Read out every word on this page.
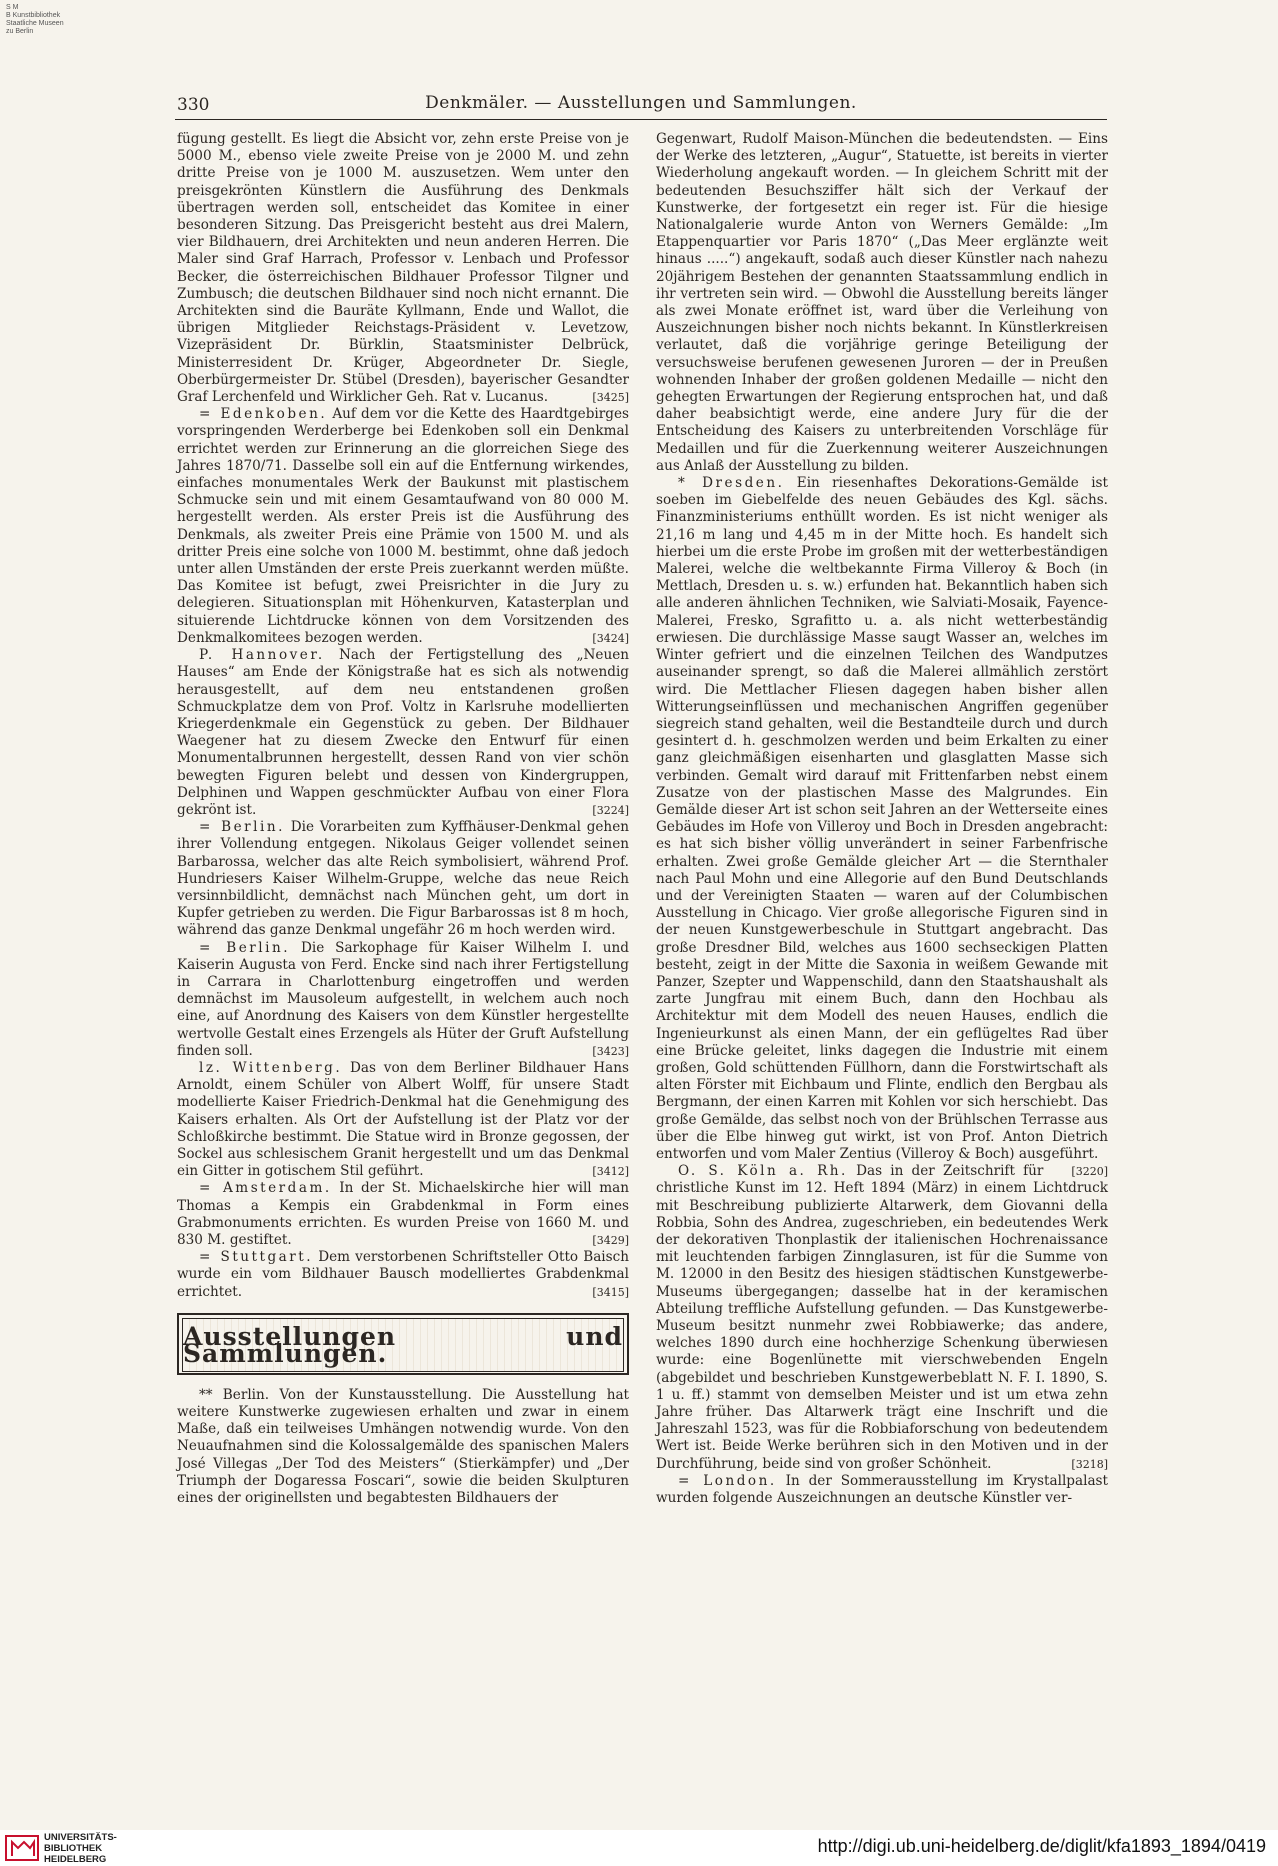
S M
B Kunstbibliothek
Staatliche Museen
zu Berlin
330	Denkmäler. — Ausstellungen und Sammlungen.

fügung gestellt. Es liegt die Absicht vor, zehn erste Preise von je 5000 M., ebenso viele zweite Preise von je 2000 M. und zehn dritte Preise von je 1000 M. auszusetzen. Wem unter den preisgekrönten Künstlern die Ausführung des Denkmals übertragen werden soll, entscheidet das Komitee in einer besonderen Sitzung. Das Preisgericht besteht aus drei Malern, vier Bildhauern, drei Architekten und neun anderen Herren. Die Maler sind Graf Harrach, Professor v. Lenbach und Professor Becker, die österreichischen Bildhauer Professor Tilgner und Zumbusch; die deutschen Bildhauer sind noch nicht ernannt. Die Architekten sind die Bauräte Kyllmann, Ende und Wallot, die übrigen Mitglieder Reichstags-Präsident v. Levetzow, Vizepräsident Dr. Bürklin, Staatsminister Delbrück, Ministerresident Dr. Krüger, Abgeordneter Dr. Siegle, Oberbürgermeister Dr. Stübel (Dresden), bayerischer Gesandter Graf Lerchenfeld und Wirklicher Geh. Rat v. Lucanus.	[3425]

= Edenkoben. Auf dem vor die Kette des Haardtgebirges vorspringenden Werderberge bei Edenkoben soll ein Denkmal errichtet werden zur Erinnerung an die glorreichen Siege des Jahres 1870/71. Dasselbe soll ein auf die Entfernung wirkendes, einfaches monumentales Werk der Baukunst mit plastischem Schmucke sein und mit einem Gesamtaufwand von 80 000 M. hergestellt werden. Als erster Preis ist die Ausführung des Denkmals, als zweiter Preis eine Prämie von 1500 M. und als dritter Preis eine solche von 1000 M. bestimmt, ohne daß jedoch unter allen Umständen der erste Preis zuerkannt werden müßte. Das Komitee ist befugt, zwei Preisrichter in die Jury zu delegieren. Situationsplan mit Höhenkurven, Katasterplan und situierende Lichtdrucke können von dem Vorsitzenden des Denkmalkomitees bezogen werden.	[3424]

P. Hannover. Nach der Fertigstellung des „Neuen Hauses“ am Ende der Königstraße hat es sich als notwendig herausgestellt, auf dem neu entstandenen großen Schmuckplatze dem von Prof. Voltz in Karlsruhe modellierten Kriegerdenkmale ein Gegenstück zu geben. Der Bildhauer Waegener hat zu diesem Zwecke den Entwurf für einen Monumentalbrunnen hergestellt, dessen Rand von vier schön bewegten Figuren belebt und dessen von Kindergruppen, Delphinen und Wappen geschmückter Aufbau von einer Flora gekrönt ist.	[3224]

= Berlin. Die Vorarbeiten zum Kyffhäuser-Denkmal gehen ihrer Vollendung entgegen. Nikolaus Geiger vollendet seinen Barbarossa, welcher das alte Reich symbolisiert, während Prof. Hundriesers Kaiser Wilhelm-Gruppe, welche das neue Reich versinnbildlicht, demnächst nach München geht, um dort in Kupfer getrieben zu werden. Die Figur Barbarossas ist 8 m hoch, während das ganze Denkmal ungefähr 26 m hoch werden wird.

= Berlin. Die Sarkophage für Kaiser Wilhelm I. und Kaiserin Augusta von Ferd. Encke sind nach ihrer Fertigstellung in Carrara in Charlottenburg eingetroffen und werden demnächst im Mausoleum aufgestellt, in welchem auch noch eine, auf Anordnung des Kaisers von dem Künstler hergestellte wertvolle Gestalt eines Erzengels als Hüter der Gruft Aufstellung finden soll.	[3423]

lz. Wittenberg. Das von dem Berliner Bildhauer Hans Arnoldt, einem Schüler von Albert Wolff, für unsere Stadt modellierte Kaiser Friedrich-Denkmal hat die Genehmigung des Kaisers erhalten. Als Ort der Aufstellung ist der Platz vor der Schloßkirche bestimmt. Die Statue wird in Bronze gegossen, der Sockel aus schlesischem Granit hergestellt und um das Denkmal ein Gitter in gotischem Stil geführt.	[3412]

= Amsterdam. In der St. Michaelskirche hier will man Thomas a Kempis ein Grabdenkmal in Form eines Grabmonuments errichten. Es wurden Preise von 1660 M. und 830 M. gestiftet.	[3429]

= Stuttgart. Dem verstorbenen Schriftsteller Otto Baisch wurde ein vom Bildhauer Bausch modelliertes Grabdenkmal errichtet.	[3415]

Ausstellungen und Sammlungen.

** Berlin. Von der Kunstausstellung. Die Ausstellung hat weitere Kunstwerke zugewiesen erhalten und zwar in einem Maße, daß ein teilweises Umhängen notwendig wurde. Von den Neuaufnahmen sind die Kolossalgemälde des spanischen Malers José Villegas „Der Tod des Meisters“ (Stierkämpfer) und „Der Triumph der Dogaressa Foscari“, sowie die beiden Skulpturen eines der originellsten und begabtesten Bildhauers der

Gegenwart, Rudolf Maison-München die bedeutendsten. — Eins der Werke des letzteren, „Augur“, Statuette, ist bereits in vierter Wiederholung angekauft worden. — In gleichem Schritt mit der bedeutenden Besuchsziffer hält sich der Verkauf der Kunstwerke, der fortgesetzt ein reger ist. Für die hiesige Nationalgalerie wurde Anton von Werners Gemälde: „Im Etappenquartier vor Paris 1870“ („Das Meer erglänzte weit hinaus .....“) angekauft, sodaß auch dieser Künstler nach nahezu 20jährigem Bestehen der genannten Staatssammlung endlich in ihr vertreten sein wird. — Obwohl die Ausstellung bereits länger als zwei Monate eröffnet ist, ward über die Verleihung von Auszeichnungen bisher noch nichts bekannt. In Künstlerkreisen verlautet, daß die vorjährige geringe Beteiligung der versuchsweise berufenen gewesenen Juroren — der in Preußen wohnenden Inhaber der großen goldenen Medaille — nicht den gehegten Erwartungen der Regierung entsprochen hat, und daß daher beabsichtigt werde, eine andere Jury für die der Entscheidung des Kaisers zu unterbreitenden Vorschläge für Medaillen und für die Zuerkennung weiterer Auszeichnungen aus Anlaß der Ausstellung zu bilden.

* Dresden. Ein riesenhaftes Dekorations-Gemälde ist soeben im Giebelfelde des neuen Gebäudes des Kgl. sächs. Finanzministeriums enthüllt worden. Es ist nicht weniger als 21,16 m lang und 4,45 m in der Mitte hoch. Es handelt sich hierbei um die erste Probe im großen mit der wetterbeständigen Malerei, welche die weltbekannte Firma Villeroy & Boch (in Mettlach, Dresden u. s. w.) erfunden hat. Bekanntlich haben sich alle anderen ähnlichen Techniken, wie Salviati-Mosaik, Fayence-Malerei, Fresko, Sgrafitto u. a. als nicht wetterbeständig erwiesen. Die durchlässige Masse saugt Wasser an, welches im Winter gefriert und die einzelnen Teilchen des Wandputzes auseinander sprengt, so daß die Malerei allmählich zerstört wird. Die Mettlacher Fliesen dagegen haben bisher allen Witterungseinflüssen und mechanischen Angriffen gegenüber siegreich stand gehalten, weil die Bestandteile durch und durch gesintert d. h. geschmolzen werden und beim Erkalten zu einer ganz gleichmäßigen eisenharten und glasglatten Masse sich verbinden. Gemalt wird darauf mit Frittenfarben nebst einem Zusatze von der plastischen Masse des Malgrundes. Ein Gemälde dieser Art ist schon seit Jahren an der Wetterseite eines Gebäudes im Hofe von Villeroy und Boch in Dresden angebracht: es hat sich bisher völlig unverändert in seiner Farbenfrische erhalten. Zwei große Gemälde gleicher Art — die Sternthaler nach Paul Mohn und eine Allegorie auf den Bund Deutschlands und der Vereinigten Staaten — waren auf der Columbischen Ausstellung in Chicago. Vier große allegorische Figuren sind in der neuen Kunstgewerbeschule in Stuttgart angebracht. Das große Dresdner Bild, welches aus 1600 sechseckigen Platten besteht, zeigt in der Mitte die Saxonia in weißem Gewande mit Panzer, Szepter und Wappenschild, dann den Staatshaushalt als zarte Jungfrau mit einem Buch, dann den Hochbau als Architektur mit dem Modell des neuen Hauses, endlich die Ingenieurkunst als einen Mann, der ein geflügeltes Rad über eine Brücke geleitet, links dagegen die Industrie mit einem großen, Gold schüttenden Füllhorn, dann die Forstwirtschaft als alten Förster mit Eichbaum und Flinte, endlich den Bergbau als Bergmann, der einen Karren mit Kohlen vor sich herschiebt. Das große Gemälde, das selbst noch von der Brühlschen Terrasse aus über die Elbe hinweg gut wirkt, ist von Prof. Anton Dietrich entworfen und vom Maler Zentius (Villeroy & Boch) ausgeführt.
[3220]

O. S. Köln a. Rh. Das in der Zeitschrift für christliche Kunst im 12. Heft 1894 (März) in einem Lichtdruck mit Beschreibung publizierte Altarwerk, dem Giovanni della Robbia, Sohn des Andrea, zugeschrieben, ein bedeutendes Werk der dekorativen Thonplastik der italienischen Hochrenaissance mit leuchtenden farbigen Zinnglasuren, ist für die Summe von M. 12000 in den Besitz des hiesigen städtischen Kunstgewerbe-Museums übergegangen; dasselbe hat in der keramischen Abteilung treffliche Aufstellung gefunden. — Das Kunstgewerbe-Museum besitzt nunmehr zwei Robbiawerke; das andere, welches 1890 durch eine hochherzige Schenkung überwiesen wurde: eine Bogenlünette mit vierschwebenden Engeln (abgebildet und beschrieben Kunstgewerbeblatt N. F. I. 1890, S. 1 u. ff.) stammt von demselben Meister und ist um etwa zehn Jahre früher. Das Altarwerk trägt eine Inschrift und die Jahreszahl 1523, was für die Robbiaforschung von bedeutendem Wert ist. Beide Werke berühren sich in den Motiven und in der Durchführung, beide sind von großer Schönheit.	[3218]

= London. In der Sommerausstellung im Krystallpalast wurden folgende Auszeichnungen an deutsche Künstler ver-

UNIVERSITÄTS-
BIBLIOTHEK
HEIDELBERG
http://digi.ub.uni-heidelberg.de/diglit/kfa1893_1894/0419
